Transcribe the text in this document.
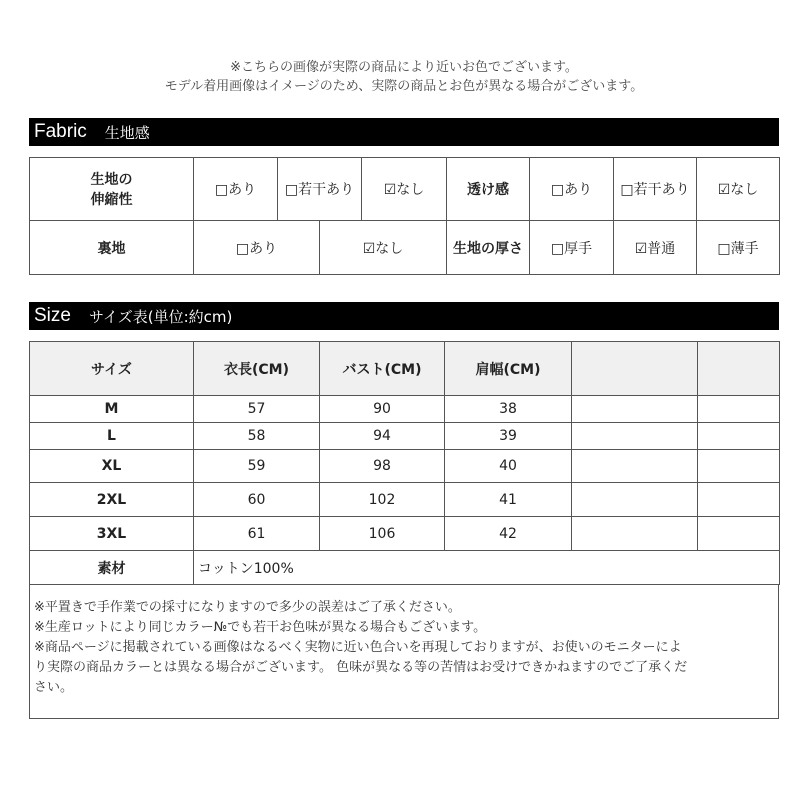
※こちらの画像が実際の商品により近いお色でございます。
モデル着用画像はイメージのため、実際の商品とお色が異なる場合がございます。
Fabric	生地感
生地の
伸縮性	□あり	□若干あり		☑なし	透け感	□あり	□若干あり	☑なし
裏地	□あり		☑なし		生地の厚さ	□厚手	☑普通	□薄手
Size	サイズ表(単位:約cm)
サイズ	衣長(CM)	バスト(CM)	肩幅(CM)		
M	57	90	38		
L	58	94	39		
XL	59	98	40		
2XL	60	102	41		
3XL	61	106	42		
素材	コットン100%				
※平置きで手作業での採寸になりますので多少の誤差はご了承ください。
※生産ロットにより同じカラー№でも若干お色味が異なる場合もございます。
※商品ページに掲載されている画像はなるべく実物に近い色合いを再現しておりますが、お使いのモニターによ
り実際の商品カラーとは異なる場合がございます。 色味が異なる等の苦情はお受けできかねますのでご了承くだ
さい。
